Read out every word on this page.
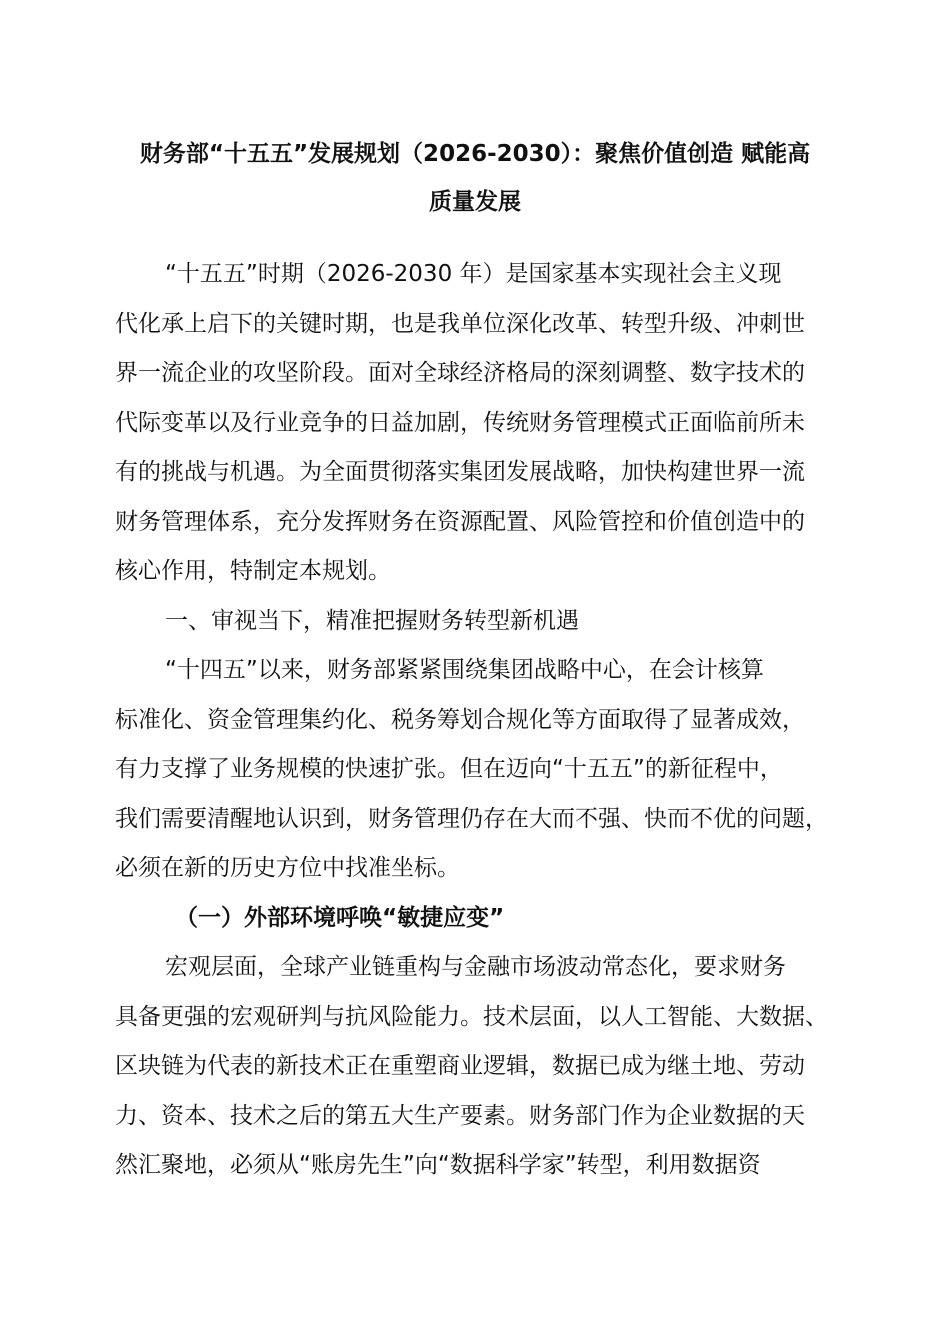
财务部“十五五”发展规划（2026-2030）：聚焦价值创造 赋能高
质量发展
“十五五”时期（2026-2030 年）是国家基本实现社会主义现
代化承上启下的关键时期，也是我单位深化改革、转型升级、冲刺世
界一流企业的攻坚阶段。面对全球经济格局的深刻调整、数字技术的
代际变革以及行业竞争的日益加剧，传统财务管理模式正面临前所未
有的挑战与机遇。为全面贯彻落实集团发展战略，加快构建世界一流
财务管理体系，充分发挥财务在资源配置、风险管控和价值创造中的
核心作用，特制定本规划。
一、审视当下，精准把握财务转型新机遇
“十四五”以来，财务部紧紧围绕集团战略中心，在会计核算
标准化、资金管理集约化、税务筹划合规化等方面取得了显著成效，
有力支撑了业务规模的快速扩张。但在迈向“十五五”的新征程中，
我们需要清醒地认识到，财务管理仍存在大而不强、快而不优的问题，
必须在新的历史方位中找准坐标。
（一）外部环境呼唤“敏捷应变”
宏观层面，全球产业链重构与金融市场波动常态化，要求财务
具备更强的宏观研判与抗风险能力。技术层面，以人工智能、大数据、
区块链为代表的新技术正在重塑商业逻辑，数据已成为继土地、劳动
力、资本、技术之后的第五大生产要素。财务部门作为企业数据的天
然汇聚地，必须从“账房先生”向“数据科学家”转型，利用数据资
